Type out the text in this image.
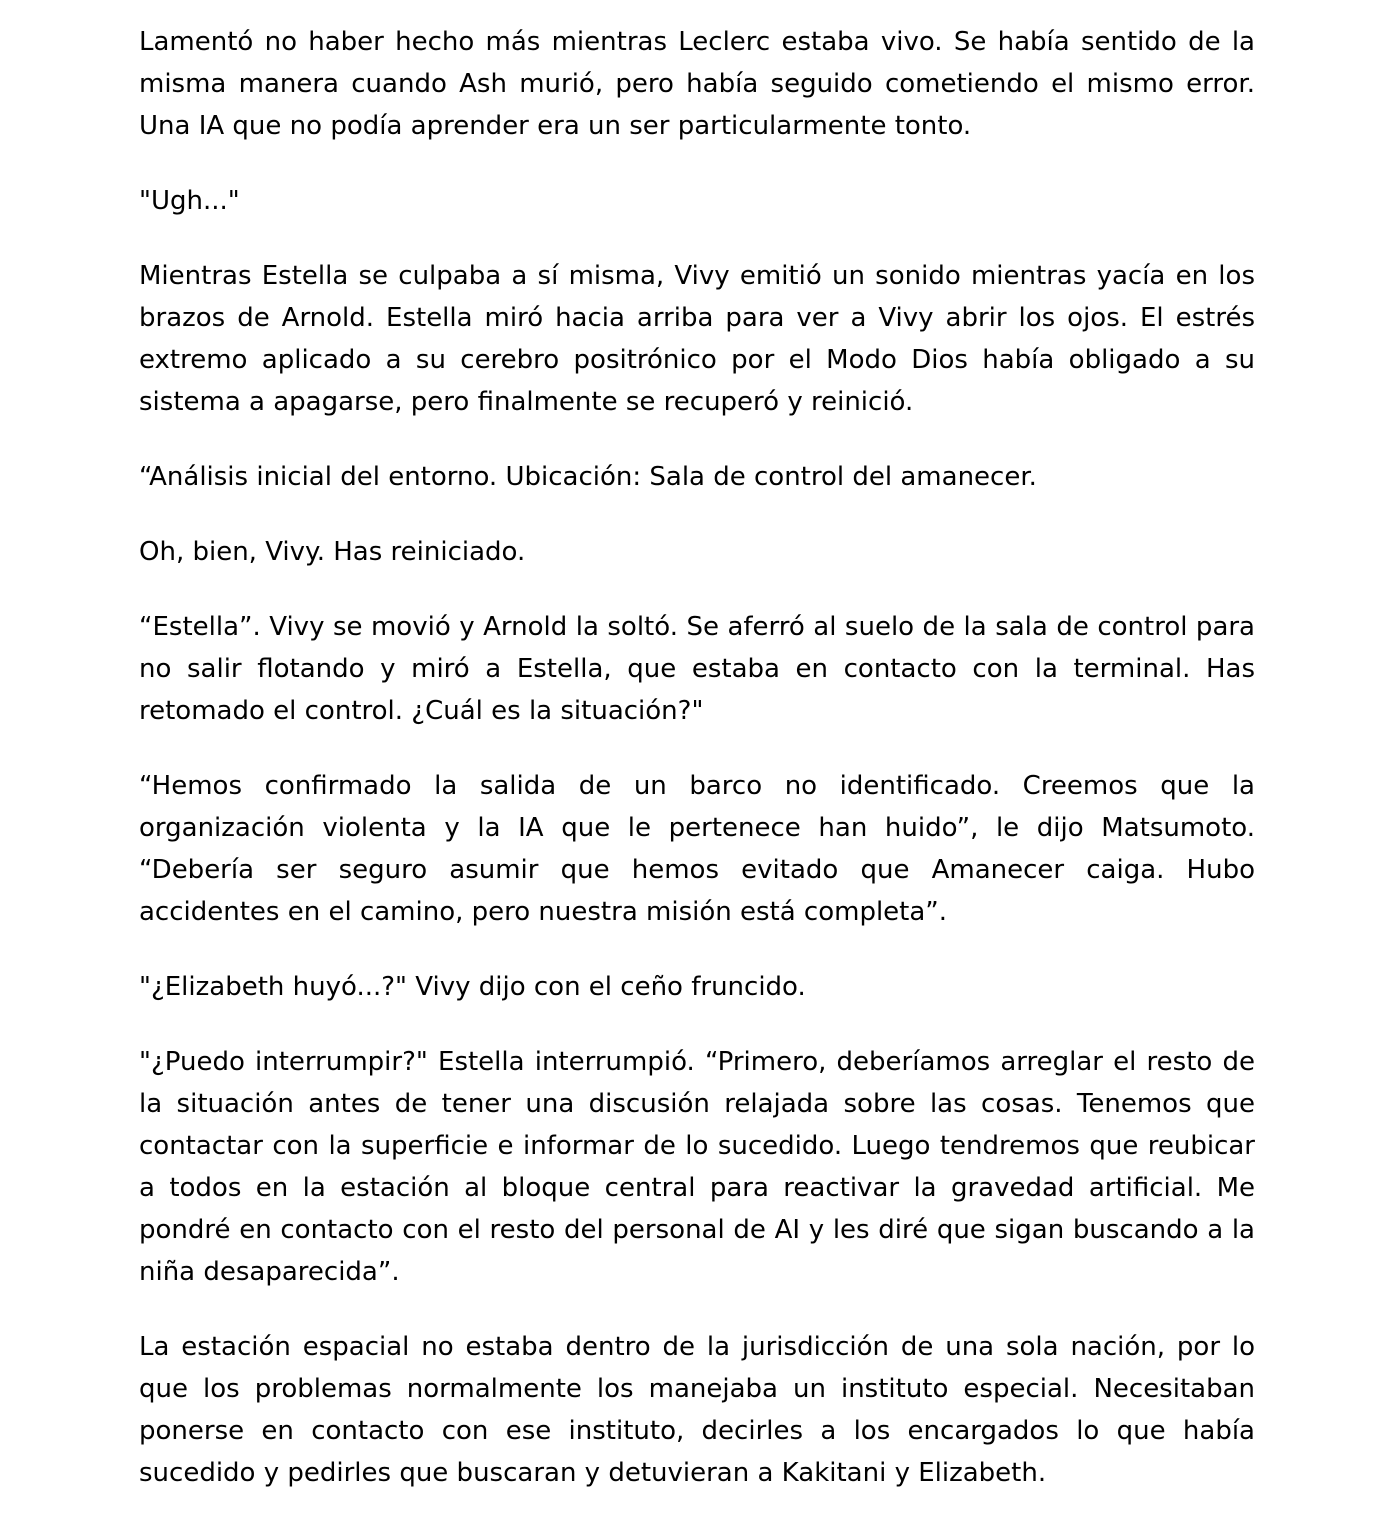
Lamentó no haber hecho más mientras Leclerc estaba vivo. Se había sentido de la misma manera cuando Ash murió, pero había seguido cometiendo el mismo error. Una IA que no podía aprender era un ser particularmente tonto.

"Ugh..."

Mientras Estella se culpaba a sí misma, Vivy emitió un sonido mientras yacía en los brazos de Arnold. Estella miró hacia arriba para ver a Vivy abrir los ojos. El estrés extremo aplicado a su cerebro positrónico por el Modo Dios había obligado a su sistema a apagarse, pero finalmente se recuperó y reinició.

“Análisis inicial del entorno. Ubicación: Sala de control del amanecer.

Oh, bien, Vivy. Has reiniciado.

“Estella”. Vivy se movió y Arnold la soltó. Se aferró al suelo de la sala de control para no salir flotando y miró a Estella, que estaba en contacto con la terminal. Has retomado el control. ¿Cuál es la situación?"

“Hemos confirmado la salida de un barco no identificado. Creemos que la organización violenta y la IA que le pertenece han huido”, le dijo Matsumoto. “Debería ser seguro asumir que hemos evitado que Amanecer caiga. Hubo accidentes en el camino, pero nuestra misión está completa”.

"¿Elizabeth huyó...?" Vivy dijo con el ceño fruncido.

"¿Puedo interrumpir?" Estella interrumpió. “Primero, deberíamos arreglar el resto de la situación antes de tener una discusión relajada sobre las cosas. Tenemos que contactar con la superficie e informar de lo sucedido. Luego tendremos que reubicar a todos en la estación al bloque central para reactivar la gravedad artificial. Me pondré en contacto con el resto del personal de AI y les diré que sigan buscando a la niña desaparecida”.

La estación espacial no estaba dentro de la jurisdicción de una sola nación, por lo que los problemas normalmente los manejaba un instituto especial. Necesitaban ponerse en contacto con ese instituto, decirles a los encargados lo que había sucedido y pedirles que buscaran y detuvieran a Kakitani y Elizabeth.
